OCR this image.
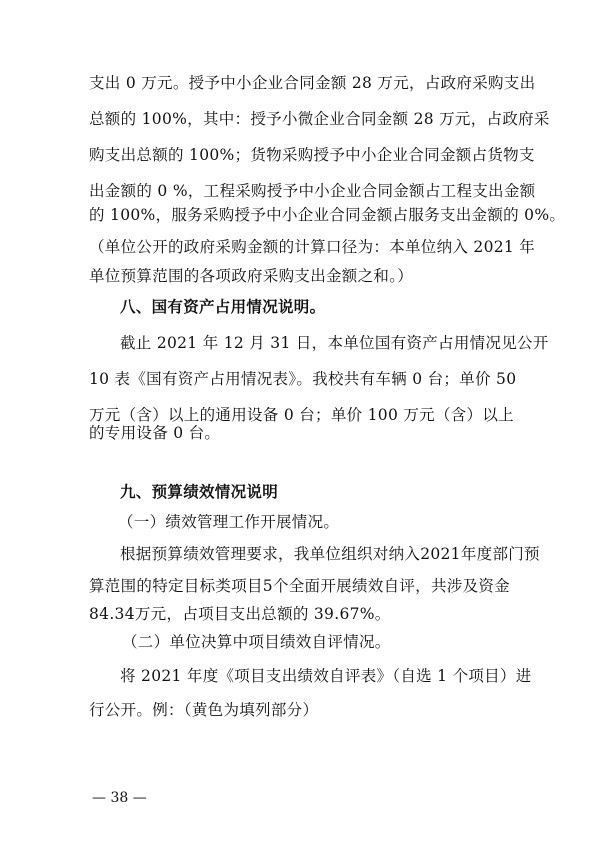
支出 0 万元。授予中小企业合同金额 28 万元，占政府采购支出
总额的 100%，其中：授予小微企业合同金额 28 万元，占政府采
购支出总额的 100%；货物采购授予中小企业合同金额占货物支
出金额的 0 %，工程采购授予中小企业合同金额占工程支出金额
的 100%，服务采购授予中小企业合同金额占服务支出金额的 0%。
（单位公开的政府采购金额的计算口径为：本单位纳入 2021 年
单位预算范围的各项政府采购支出金额之和。）
八、国有资产占用情况说明。
截止 2021 年 12 月 31 日，本单位国有资产占用情况见公开
10 表《国有资产占用情况表》。我校共有车辆 0 台；单价 50
万元（含）以上的通用设备 0 台；单价 100 万元（含）以上
的专用设备 0 台。
九、预算绩效情况说明
（一）绩效管理工作开展情况。
根据预算绩效管理要求，我单位组织对纳入2021年度部门预
算范围的特定目标类项目5个全面开展绩效自评，共涉及资金
84.34万元，占项目支出总额的 39.67%。
（二）单位决算中项目绩效自评情况。
将 2021 年度《项目支出绩效自评表》（自选 1 个项目）进
行公开。例：（黄色为填列部分）
— 38 —
